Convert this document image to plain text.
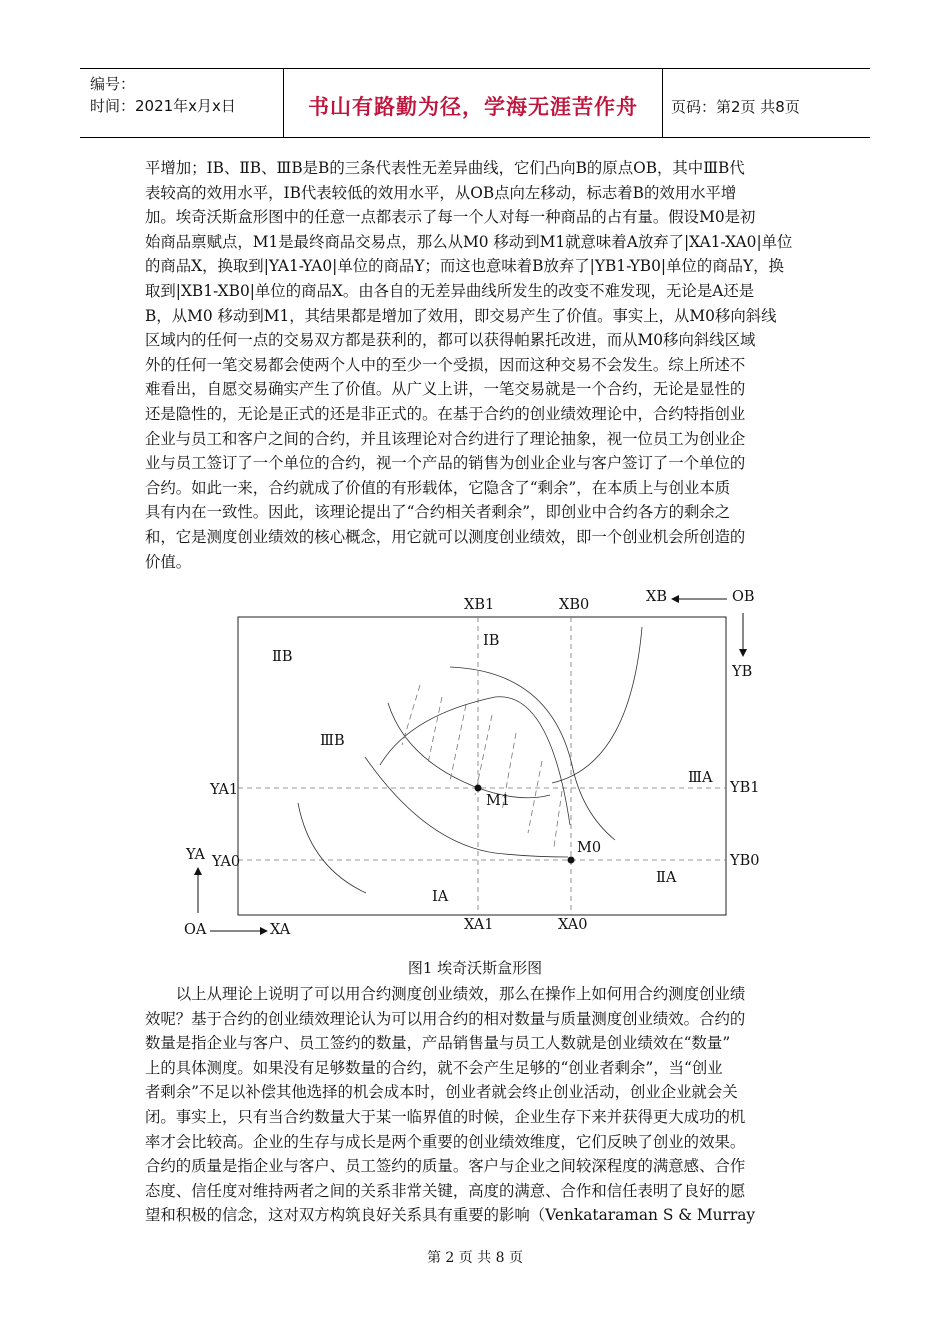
编号：
时间：2021年x月x日	书山有路勤为径，学海无涯苦作舟	页码：第2页 共8页
平增加；ⅠB、ⅡB、ⅢB是B的三条代表性无差异曲线，它们凸向B的原点OB，其中ⅢB代
表较高的效用水平，ⅠB代表较低的效用水平，从OB点向左移动，标志着B的效用水平增
加。埃奇沃斯盒形图中的任意一点都表示了每一个人对每一种商品的占有量。假设M0是初
始商品禀赋点，M1是最终商品交易点，那么从M0 移动到M1就意味着A放弃了|XA1-XA0|单位
的商品X，换取到|YA1-YA0|单位的商品Y；而这也意味着B放弃了|YB1-YB0|单位的商品Y，换
取到|XB1-XB0|单位的商品X。由各自的无差异曲线所发生的改变不难发现，无论是A还是
B，从M0 移动到M1，其结果都是增加了效用，即交易产生了价值。事实上，从M0移向斜线
区域内的任何一点的交易双方都是获利的，都可以获得帕累托改进，而从M0移向斜线区域
外的任何一笔交易都会使两个人中的至少一个受损，因而这种交易不会发生。综上所述不
难看出，自愿交易确实产生了价值。从广义上讲，一笔交易就是一个合约，无论是显性的
还是隐性的，无论是正式的还是非正式的。在基于合约的创业绩效理论中，合约特指创业
企业与员工和客户之间的合约，并且该理论对合约进行了理论抽象，视一位员工为创业企
业与员工签订了一个单位的合约，视一个产品的销售为创业企业与客户签订了一个单位的
合约。如此一来，合约就成了价值的有形载体，它隐含了“剩余”，在本质上与创业本质
具有内在一致性。因此，该理论提出了“合约相关者剩余”，即创业中合约各方的剩余之
和，它是测度创业绩效的核心概念，用它就可以测度创业绩效，即一个创业机会所创造的
价值。
XB1	XB0	XB	OB
YB
IB
ⅡB
ⅢB
ⅢA
YA1	YB1
M1
M0
YA YA0	YB0
ⅡA
IA
OA	XA	XA1	XA0
图1 埃奇沃斯盒形图
　　以上从理论上说明了可以用合约测度创业绩效，那么在操作上如何用合约测度创业绩
效呢？基于合约的创业绩效理论认为可以用合约的相对数量与质量测度创业绩效。合约的
数量是指企业与客户、员工签约的数量，产品销售量与员工人数就是创业绩效在“数量”
上的具体测度。如果没有足够数量的合约，就不会产生足够的“创业者剩余”，当“创业
者剩余”不足以补偿其他选择的机会成本时，创业者就会终止创业活动，创业企业就会关
闭。事实上，只有当合约数量大于某一临界值的时候，企业生存下来并获得更大成功的机
率才会比较高。企业的生存与成长是两个重要的创业绩效维度，它们反映了创业的效果。
合约的质量是指企业与客户、员工签约的质量。客户与企业之间较深程度的满意感、合作
态度、信任度对维持两者之间的关系非常关键，高度的满意、合作和信任表明了良好的愿
望和积极的信念，这对双方构筑良好关系具有重要的影响（Venkataraman S & Murray
第 2 页 共 8 页
